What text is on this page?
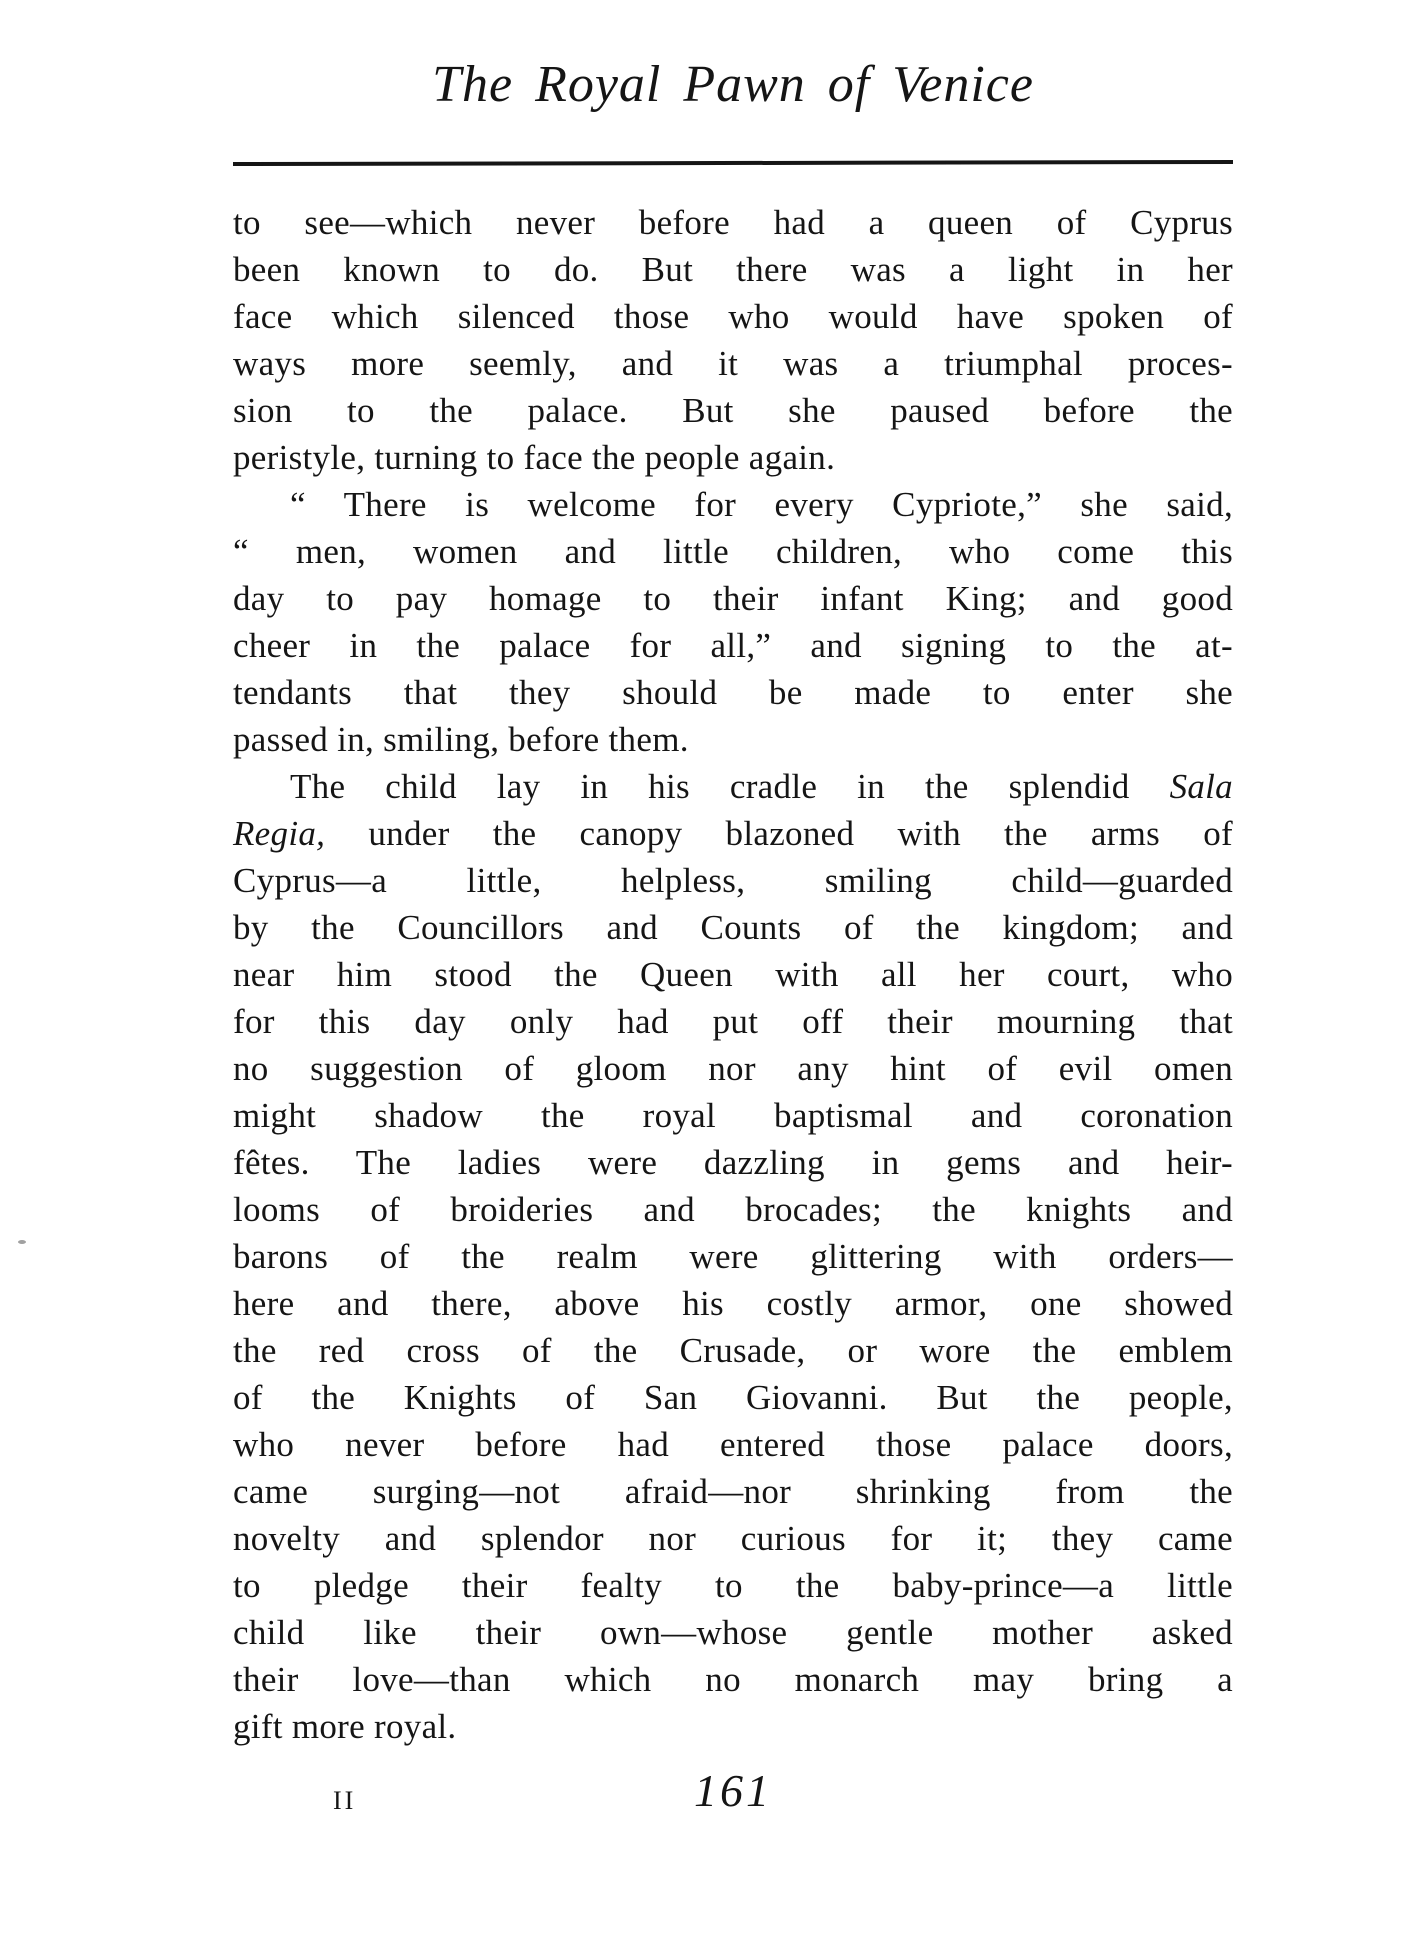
The Royal Pawn of Venice
to see—which never before had a queen of Cyprus
been known to do. But there was a light in her
face which silenced those who would have spoken of
ways more seemly, and it was a triumphal proces-
sion to the palace. But she paused before the
peristyle, turning to face the people again.
“ There is welcome for every Cypriote,” she said,
“ men, women and little children, who come this
day to pay homage to their infant King; and good
cheer in the palace for all,” and signing to the at-
tendants that they should be made to enter she
passed in, smiling, before them.
The child lay in his cradle in the splendid Sala
Regia, under the canopy blazoned with the arms of
Cyprus—a little, helpless, smiling child—guarded
by the Councillors and Counts of the kingdom; and
near him stood the Queen with all her court, who
for this day only had put off their mourning that
no suggestion of gloom nor any hint of evil omen
might shadow the royal baptismal and coronation
fêtes. The ladies were dazzling in gems and heir-
looms of broideries and brocades; the knights and
barons of the realm were glittering with orders—
here and there, above his costly armor, one showed
the red cross of the Crusade, or wore the emblem
of the Knights of San Giovanni. But the people,
who never before had entered those palace doors,
came surging—not afraid—nor shrinking from the
novelty and splendor nor curious for it; they came
to pledge their fealty to the baby-prince—a little
child like their own—whose gentle mother asked
their love—than which no monarch may bring a
gift more royal.
II	161
